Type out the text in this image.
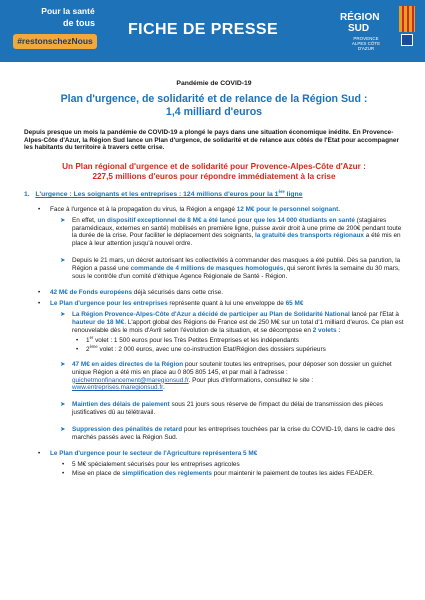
Pour la santé
de tous
#restonschezNous
FICHE DE PRESSE
RÉGION
SUD
PROVENCE ALPES CÔTE D'AZUR
Pandémie de COVID-19
Plan d'urgence, de solidarité et de relance de la Région Sud :
1,4 milliard d'euros
Depuis presque un mois la pandémie de COVID-19 a plongé le pays dans une situation économique inédite. En Provence-Alpes-Côte d'Azur, la Région Sud lance un Plan d'urgence, de solidarité et de relance aux côtés de l'Etat pour accompagner les habitants du territoire à travers cette crise.
Un Plan régional d'urgence et de solidarité pour Provence-Alpes-Côte d'Azur :
227,5 millions d'euros pour répondre immédiatement à la crise
1. L'urgence : Les soignants et les entreprises : 124 millions d'euros pour la 1ère ligne
• Face à l'urgence et à la propagation du virus, la Région a engagé 12 M€ pour le personnel soignant.
➤ En effet, un dispositif exceptionnel de 8 M€ a été lancé pour que les 14 000 étudiants en santé (stagiaires paramédicaux, externes en santé) mobilisés en première ligne, puisse avoir droit à une prime de 200€ pendant toute la durée de la crise. Pour faciliter le déplacement des soignants, la gratuité des transports régionaux a été mis en place à leur attention jusqu'à nouvel ordre.
➤ Depuis le 21 mars, un décret autorisant les collectivités à commander des masques a été publié. Dès sa parution, la Région a passé une commande de 4 millions de masques homologués, qui seront livrés la semaine du 30 mars, sous le contrôle d'un comité d'éthique Agence Régionale de Santé - Région.
• 42 M€ de Fonds européens déjà sécurisés dans cette crise.
• Le Plan d'urgence pour les entreprises représente quant à lui une enveloppe de 65 M€
➤ La Région Provence-Alpes-Côte d'Azur a décidé de participer au Plan de Solidarité National lancé par l'Etat à hauteur de 18 M€. L'apport global des Régions de France est de 250 M€ sur un total d'1 milliard d'euros. Ce plan est renouvelable dès le mois d'Avril selon l'évolution de la situation, et se décompose en 2 volets :
• 1er volet : 1 500 euros pour les Très Petites Entreprises et les indépendants
• 2ème volet : 2 000 euros, avec une co-instruction Etat/Région des dossiers supérieurs
➤ 47 M€ en aides directes de la Région pour soutenir toutes les entreprises, pour déposer son dossier un guichet unique Région a été mis en place au 0 805 805 145, et par mail à l'adresse : guichetmonfinancement@maregionsud.fr. Pour plus d'informations, consultez le site : www.entreprises.maregionsud.fr.
➤ Maintien des délais de paiement sous 21 jours sous réserve de l'impact du délai de transmission des pièces justificatives dû au télétravail.
➤ Suppression des pénalités de retard pour les entreprises touchées par la crise du COVID-19, dans le cadre des marchés passés avec la Région Sud.
• Le Plan d'urgence pour le secteur de l'Agriculture représentera 5 M€
• 5 M€ spécialement sécurisés pour les entreprises agricoles
• Mise en place de simplification des règlements pour maintenir le paiement de toutes les aides FEADER.
